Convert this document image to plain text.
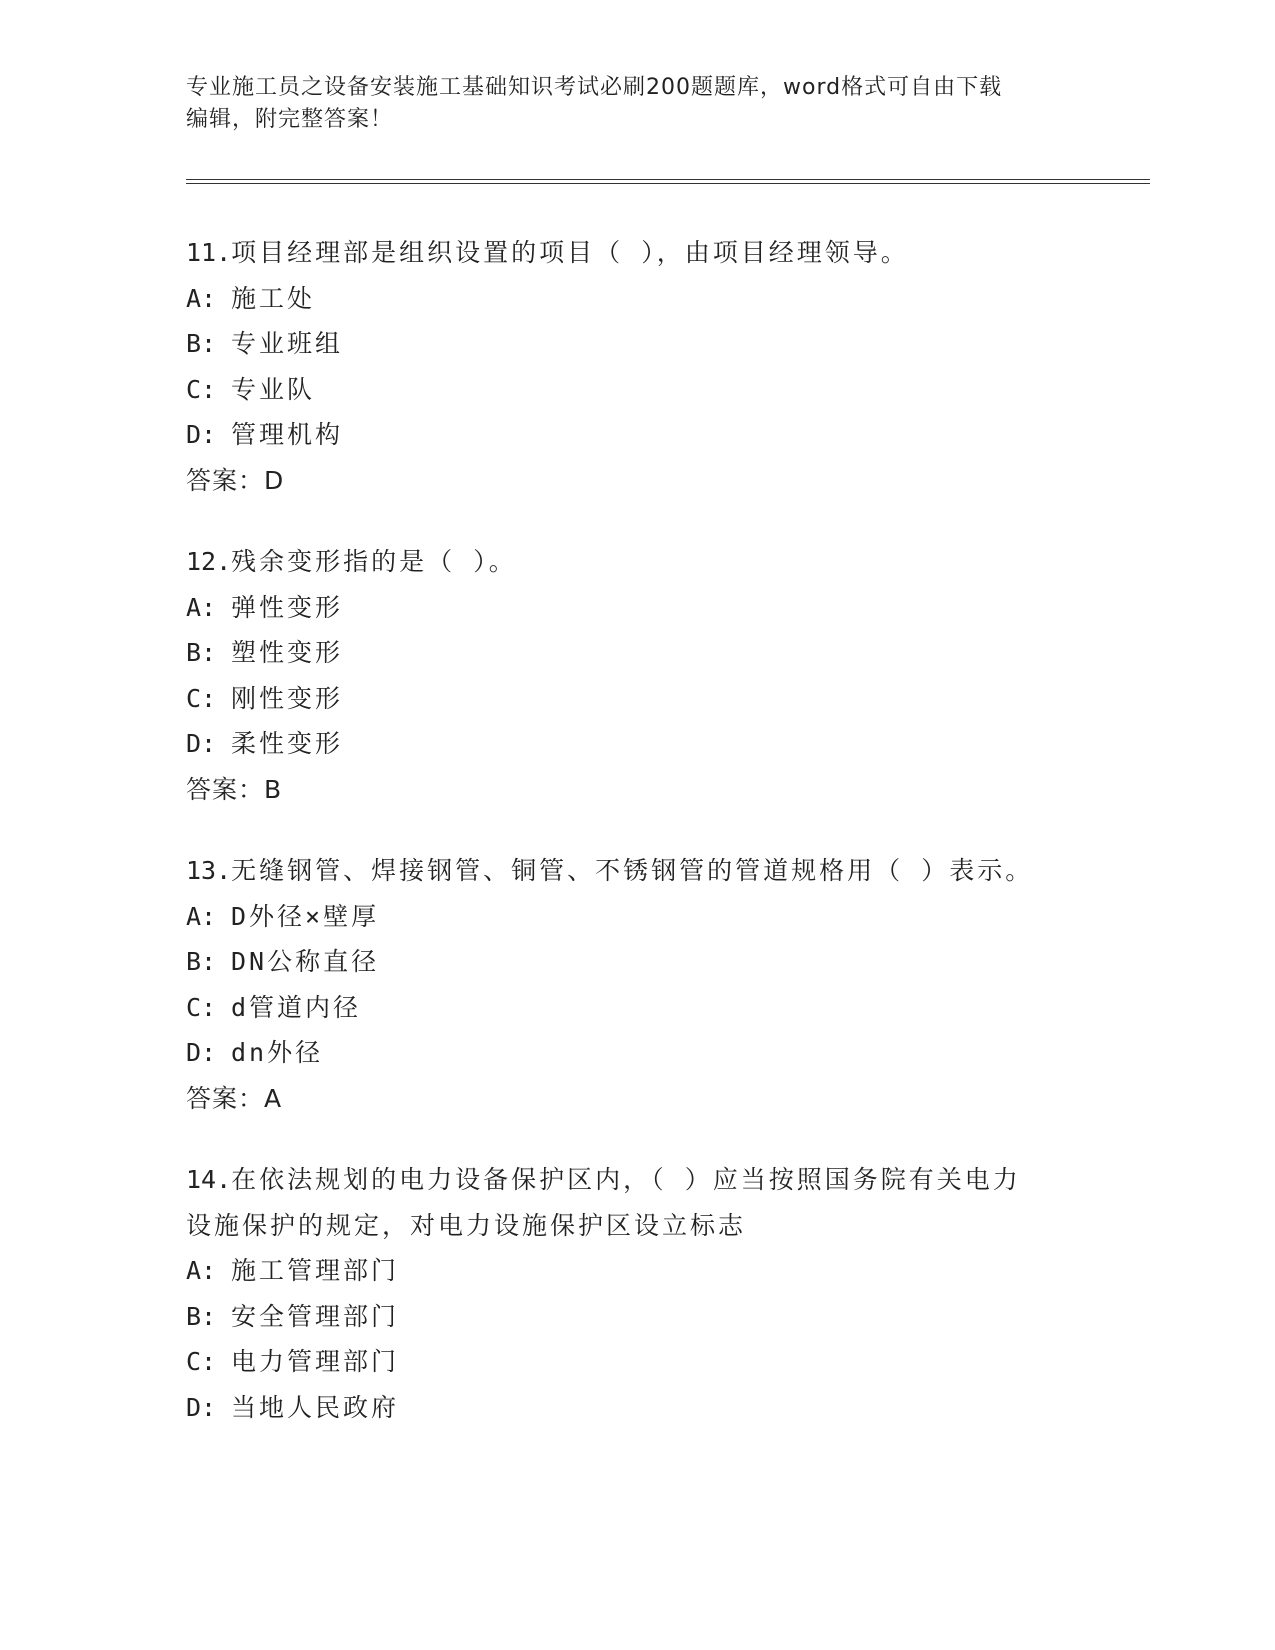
专业施工员之设备安装施工基础知识考试必刷200题题库，word格式可自由下载
编辑，附完整答案！
11.项目经理部是组织设置的项目（ ），由项目经理领导。
A: 施工处
B: 专业班组
C: 专业队
D: 管理机构
答案：D
12.残余变形指的是（ ）。
A: 弹性变形
B: 塑性变形
C: 刚性变形
D: 柔性变形
答案：B
13.无缝钢管、焊接钢管、铜管、不锈钢管的管道规格用（ ）表示。
A: D外径×壁厚
B: DN公称直径
C: d管道内径
D: dn外径
答案：A
14.在依法规划的电力设备保护区内，（ ）应当按照国务院有关电力
设施保护的规定，对电力设施保护区设立标志
A: 施工管理部门
B: 安全管理部门
C: 电力管理部门
D: 当地人民政府
